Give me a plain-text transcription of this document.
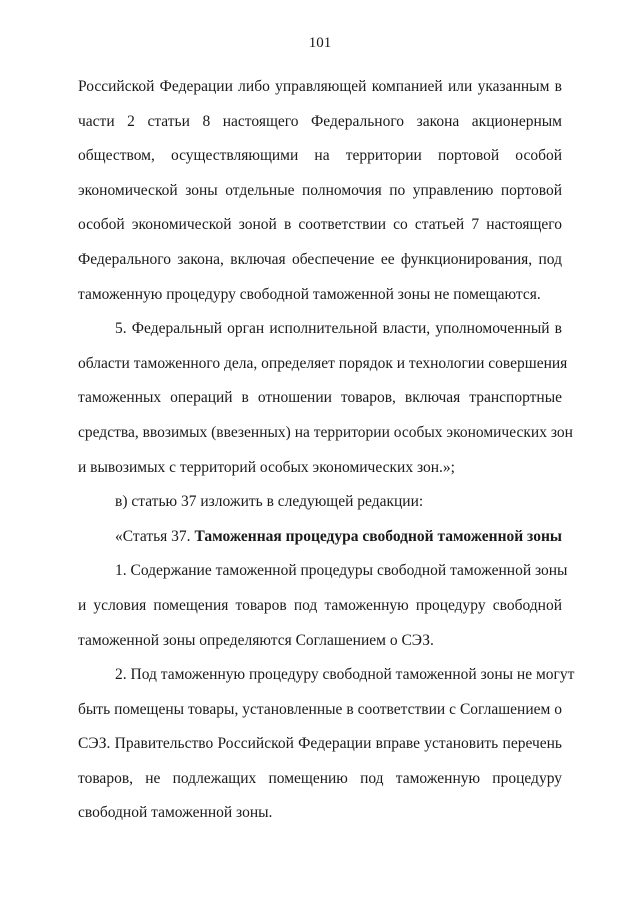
101
Российской Федерации либо управляющей компанией или указанным в
части 2 статьи 8 настоящего Федерального закона акционерным
обществом, осуществляющими на территории портовой особой
экономической зоны отдельные полномочия по управлению портовой
особой экономической зоной в соответствии со статьей 7 настоящего
Федерального закона, включая обеспечение ее функционирования, под
таможенную процедуру свободной таможенной зоны не помещаются.
5. Федеральный орган исполнительной власти, уполномоченный в
области таможенного дела, определяет порядок и технологии совершения
таможенных операций в отношении товаров, включая транспортные
средства, ввозимых (ввезенных) на территории особых экономических зон
и вывозимых с территорий особых экономических зон.»;
в) статью 37 изложить в следующей редакции:
«Статья 37. Таможенная процедура свободной таможенной зоны
1. Содержание таможенной процедуры свободной таможенной зоны
и условия помещения товаров под таможенную процедуру свободной
таможенной зоны определяются Соглашением о СЭЗ.
2. Под таможенную процедуру свободной таможенной зоны не могут
быть помещены товары, установленные в соответствии с Соглашением о
СЭЗ. Правительство Российской Федерации вправе установить перечень
товаров, не подлежащих помещению под таможенную процедуру
свободной таможенной зоны.
